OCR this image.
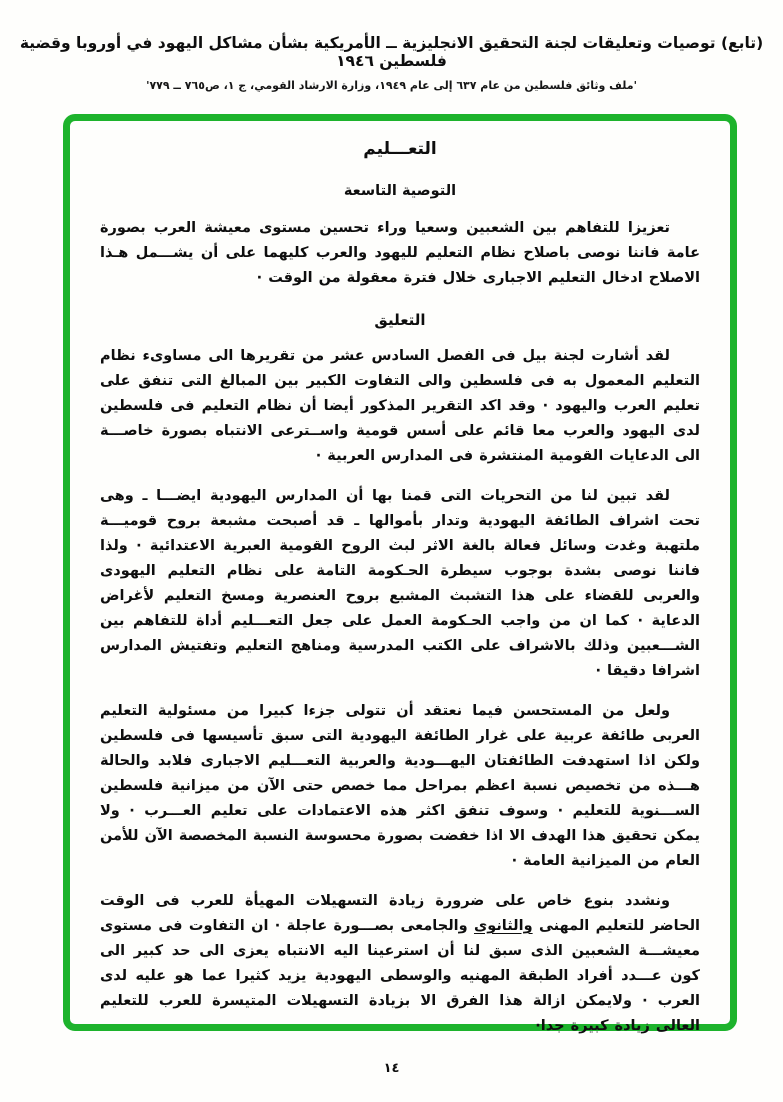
(تابع) توصيات وتعليقات لجنة التحقيق الانجليزية ــ الأمريكية بشأن مشاكل اليهود في أوروبا وقضية فلسطين ١٩٤٦
'ملف وثائق فلسطين من عام ٦٣٧ إلى عام ١٩٤٩، وزارة الارشاد القومي، ج ١، ص٧٦٥ ــ ٧٧٩'
التعـــليم
التوصية التاسعة

تعزيزا للتفاهم بين الشعبين وسعيا وراء تحسين مستوى معيشة العرب بصورة عامة فاننا نوصى باصلاح نظام التعليم لليهود والعرب كليهما على أن يشـــمل هـذا الاصلاح ادخال التعليم الاجبارى خلال فترة معقولة من الوقت ·

التعليق

لقد أشارت لجنة بيل فى الفصل السادس عشر من تقريرها الى مساوىء نظام التعليم المعمول به فى فلسطين والى التفاوت الكبير بين المبالغ التى تنفق على تعليم العرب واليهود · وقد اكد التقرير المذكور أيضا أن نظام التعليم فى فلسطين لدى اليهود والعرب معا قائم على أسس قومية واســترعى الانتباه بصورة خاصـــة الى الدعايات القومية المنتشرة فى المدارس العربية ·

لقد تبين لنا من التحريات التى قمنا بها أن المدارس اليهودية ايضـــا ـ وهى تحت اشراف الطائفة اليهودية وتدار بأموالها ـ قد أصبحت مشبعة بروح قوميـــة ملتهبة وغدت وسائل فعالة بالغة الاثر لبث الروح القومية العبرية الاعتدائية · ولذا فاننا نوصى بشدة بوجوب سيطرة الحـكومة التامة على نظام التعليم اليهودى والعربى للقضاء على هذا التشبث المشبع بروح العنصرية ومسخ التعليم لأغراض الدعاية · كما ان من واجب الحـكومة العمل على جعل التعـــليم أداة للتفاهم بين الشـــعبين وذلك بالاشراف على الكتب المدرسية ومناهج التعليم وتفتيش المدارس اشرافا دقيقا ·

ولعل من المستحسن فيما نعتقد أن تتولى جزءا كبيرا من مسئولية التعليم العربى طائفة عربية على غرار الطائفة اليهودية التى سبق تأسيسها فى فلسطين ولكن اذا استهدفت الطائفتان اليهـــودية والعربية التعـــليم الاجبارى فلابد والحالة هـــذه من تخصيص نسبة اعظم بمراحل مما خصص حتى الآن من ميزانية فلسطين الســـنوية للتعليم · وسوف تنفق اكثر هذه الاعتمادات على تعليم العـــرب · ولا يمكن تحقيق هذا الهدف الا اذا خفضت بصورة محسوسة النسبة المخصصة الآن للأمن العام من الميزانية العامة ·

ونشدد بنوع خاص على ضرورة زيادة التسهيلات المهيأة للعرب فى الوقت الحاضر للتعليم المهنى والثانوى والجامعى بصـــورة عاجلة · ان التفاوت فى مستوى معيشـــة الشعبين الذى سبق لنا أن استرعينا اليه الانتباه يعزى الى حد كبير الى كون عـــدد أفراد الطبقة المهنيه والوسطى اليهودية يزيد كثيرا عما هو عليه لدى العرب · ولايمكن ازالة هذا الفرق الا بزيادة التسهيلات المتيسرة للعرب للتعليم العالى زيادة كبيرة جدا·

١٤
